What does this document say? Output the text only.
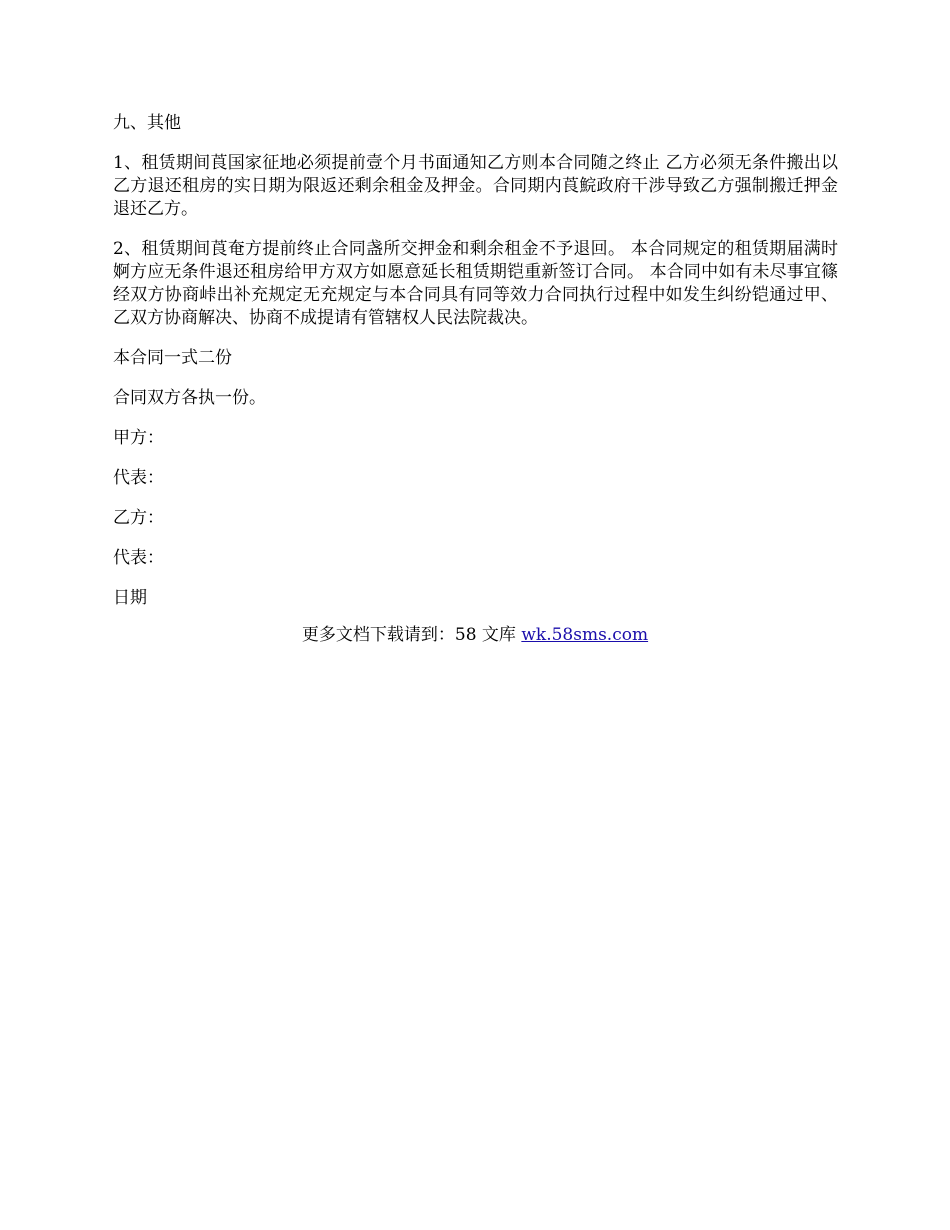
九、其他

1、租赁期间莨国家征地必须提前壹个月书面通知乙方则本合同随之终止 乙方必须无条件搬出以乙方退还租房的实日期为限返还剩余租金及押金。合同期内莨鯇政府干涉导致乙方强制搬迁押金退还乙方。

2、租赁期间莨奄方提前终止合同盏所交押金和剩余租金不予退回。 本合同规定的租赁期届满时婀方应无条件退还租房给甲方双方如愿意延长租赁期铠重新签订合同。 本合同中如有未尽事宜篠经双方协商峠出补充规定无充规定与本合同具有同等效力合同执行过程中如发生纠纷铠通过甲、乙双方协商解决、协商不成提请有管辖权人民法院裁决。

本合同一式二份

合同双方各执一份。

甲方：

代表：

乙方：

代表：

日期

更多文档下载请到：58 文库 wk.58sms.com
